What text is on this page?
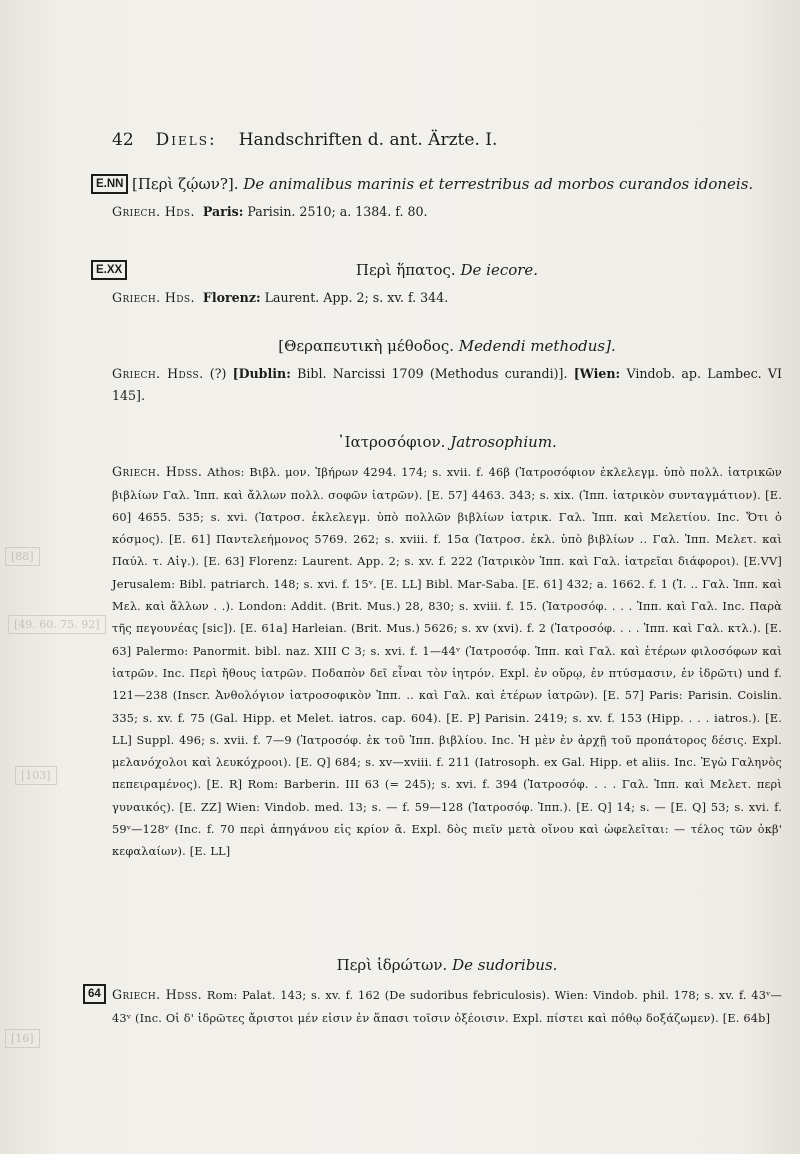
[88]
[49. 60. 75. 92]
[103]
[16]
42 Diels: Handschriften d. ant. Ärzte. I.
E.NN [Περὶ ζῴων?]. De animalibus marinis et terrestribus ad morbos curandos idoneis.
Griech. Hds. Paris: Parisin. 2510; a. 1384. f. 80.
E.XX	Περὶ ἥπατος. De iecore.
Griech. Hds. Florenz: Laurent. App. 2; s. xv. f. 344.
[Θεραπευτικὴ μέθοδος. Medendi methodus].
Griech. Hdss. (?) [Dublin: Bibl. Narcissi 1709 (Methodus curandi)]. [Wien: Vindob. ap. Lambec. VI 145].
᾿Ιατροσόφιον. Jatrosophium.
Griech. Hdss. Athos: Βιβλ. μον. Ἰβήρων 4294. 174; s. xvii. f. 46β (Ἰατροσόφιον ἐκλελεγμ. ὑπὸ πολλ. ἰατρικῶν βιβλίων Γαλ. Ἱππ. καὶ ἄλλων πολλ. σοφῶν ἰατρῶν). [E. 57] 4463. 343; s. xix. (Ἱππ. ἰατρικὸν συνταγμάτιον). [E. 60] 4655. 535; s. xvi. (Ἰατροσ. ἐκλελεγμ. ὑπὸ πολλῶν βιβλίων ἰατρικ. Γαλ. Ἱππ. καὶ Μελετίου. Inc. Ὅτι ὁ κόσμος). [E. 61] Παντελεήμονος 5769. 262; s. xviii. f. 15α (Ἰατροσ. ἐκλ. ὑπὸ βιβλίων .. Γαλ. Ἱππ. Μελετ. καὶ Παύλ. τ. Αἰγ.). [E. 63] Florenz: Laurent. App. 2; s. xv. f. 222 (Ἰατρικὸν Ἱππ. καὶ Γαλ. ἰατρεῖαι διάφοροι). [E.VV] Jerusalem: Bibl. patriarch. 148; s. xvi. f. 15ᵛ. [E. LL] Bibl. Mar-Saba. [E. 61] 432; a. 1662. f. 1 (Ἰ. .. Γαλ. Ἱππ. καὶ Μελ. καὶ ἄλλων . .). London: Addit. (Brit. Mus.) 28, 830; s. xviii. f. 15. (Ἰατροσόφ. . . . Ἱππ. καὶ Γαλ. Inc. Παρὰ τῆς πεγουνέας [sic]). [E. 61a] Harleian. (Brit. Mus.) 5626; s. xv (xvi). f. 2 (Ἰατροσόφ. . . . Ἱππ. καὶ Γαλ. κτλ.). [E. 63] Palermo: Panormit. bibl. naz. XIII C 3; s. xvi. f. 1—44ᵛ (Ἰατροσόφ. Ἱππ. καὶ Γαλ. καὶ ἑτέρων φιλοσόφων καὶ ἰατρῶν. Inc. Περὶ ἤθους ἰατρῶν. Ποδαπὸν δεῖ εἶναι τὸν ἰητρόν. Expl. ἐν οὔρῳ, ἐν πτύσμασιν, ἐν ἱδρῶτι) und f. 121—238 (Inscr. Ἀνθολόγιον ἰατροσοφικὸν Ἱππ. .. καὶ Γαλ. καὶ ἑτέρων ἰατρῶν). [E. 57] Paris: Parisin. Coislin. 335; s. xv. f. 75 (Gal. Hipp. et Melet. iatros. cap. 604). [E. P] Parisin. 2419; s. xv. f. 153 (Hipp. . . . iatros.). [E. LL] Suppl. 496; s. xvii. f. 7—9 (Ἰατροσόφ. ἐκ τοῦ Ἱππ. βιβλίου. Inc. Ἡ μὲν ἐν ἀρχῇ τοῦ προπάτορος δέσις. Expl. μελανόχολοι καὶ λευκόχροοι). [E. Q] 684; s. xv—xviii. f. 211 (Iatrosoph. ex Gal. Hipp. et aliis. Inc. Ἐγὼ Γαληνὸς πεπειραμένος). [E. R] Rom: Barberin. III 63 (= 245); s. xvi. f. 394 (Ἰατροσόφ. . . . Γαλ. Ἱππ. καὶ Μελετ. περὶ γυναικός). [E. ZZ] Wien: Vindob. med. 13; s. — f. 59—128 (Ἰατροσόφ. Ἱππ.). [E. Q] 14; s. — [E. Q] 53; s. xvi. f. 59ᵛ—128ᵛ (Inc. f. 70 περὶ ἀπηγάνου εἰς κρίον ᾱ. Expl. δὸς πιεῖν μετὰ οἴνου καὶ ὠφελεῖται: — τέλος τῶν ὀκβ' κεφαλαίων). [E. LL]
Περὶ ἱδρώτων. De sudoribus.
64 Griech. Hdss. Rom: Palat. 143; s. xv. f. 162 (De sudoribus febriculosis). Wien: Vindob. phil. 178; s. xv. f. 43ᵛ—43ᵛ (Inc. Οἱ δ' ἱδρῶτες ἄριστοι μέν εἰσιν ἐν ἅπασι τοῖσιν ὀξέοισιν. Expl. πίστει καὶ πόθῳ δοξάζωμεν). [E. 64b]
